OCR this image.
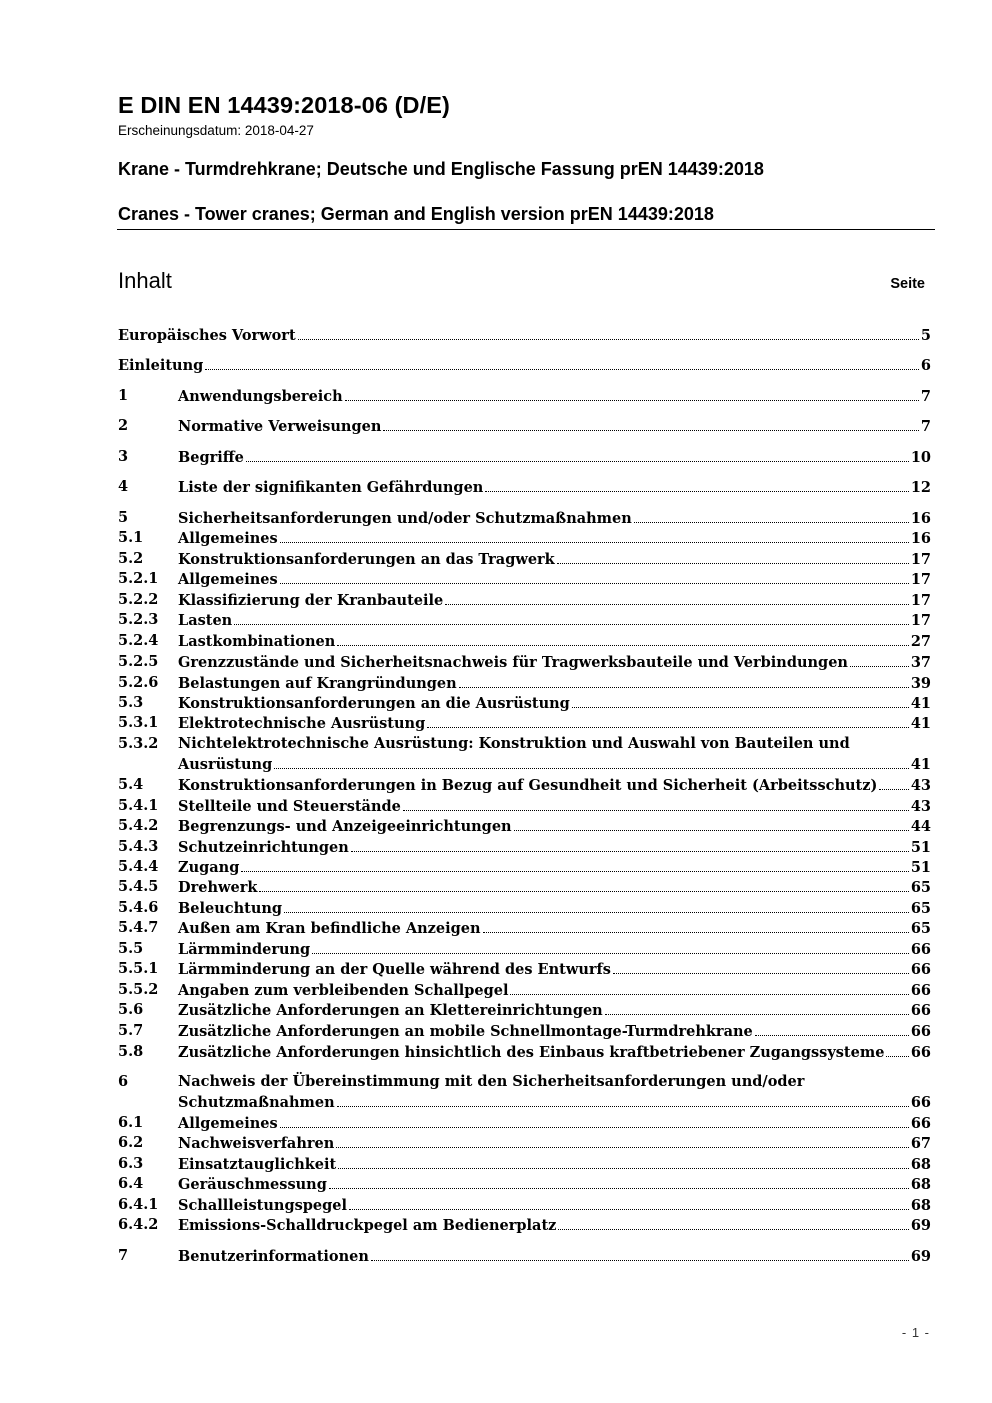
E DIN EN 14439:2018-06 (D/E)
Erscheinungsdatum: 2018-04-27
Krane - Turmdrehkrane; Deutsche und Englische Fassung prEN 14439:2018
Cranes - Tower cranes; German and English version prEN 14439:2018
Inhalt	Seite
Europäisches Vorwort	5
Einleitung	6
1	Anwendungsbereich	7
2	Normative Verweisungen	7
3	Begriffe	10
4	Liste der signifikanten Gefährdungen	12
5	Sicherheitsanforderungen und/oder Schutzmaßnahmen	16
5.1 Allgemeines	16
5.2 Konstruktionsanforderungen an das Tragwerk	17
5.2.1 Allgemeines	17
5.2.2 Klassifizierung der Kranbauteile	17
5.2.3 Lasten	17
5.2.4 Lastkombinationen	27
5.2.5 Grenzzustände und Sicherheitsnachweis für Tragwerksbauteile und Verbindungen	37
5.2.6 Belastungen auf Krangründungen	39
5.3 Konstruktionsanforderungen an die Ausrüstung	41
5.3.1 Elektrotechnische Ausrüstung	41
5.3.2 Nichtelektrotechnische Ausrüstung: Konstruktion und Auswahl von Bauteilen und
Ausrüstung	41
5.4 Konstruktionsanforderungen in Bezug auf Gesundheit und Sicherheit (Arbeitsschutz) 43
5.4.1 Stellteile und Steuerstände	43
5.4.2 Begrenzungs- und Anzeigeeinrichtungen	44
5.4.3 Schutzeinrichtungen	51
5.4.4 Zugang	51
5.4.5 Drehwerk	65
5.4.6 Beleuchtung	65
5.4.7 Außen am Kran befindliche Anzeigen	65
5.5 Lärmminderung	66
5.5.1 Lärmminderung an der Quelle während des Entwurfs	66
5.5.2 Angaben zum verbleibenden Schallpegel	66
5.6 Zusätzliche Anforderungen an Klettereinrichtungen	66
5.7 Zusätzliche Anforderungen an mobile Schnellmontage-Turmdrehkrane	66
5.8 Zusätzliche Anforderungen hinsichtlich des Einbaus kraftbetriebener Zugangssysteme 66
6	Nachweis der Übereinstimmung mit den Sicherheitsanforderungen und/oder
Schutzmaßnahmen	66
6.1 Allgemeines	66
6.2 Nachweisverfahren	67
6.3 Einsatztauglichkeit	68
6.4 Geräuschmessung	68
6.4.1 Schallleistungspegel	68
6.4.2 Emissions-Schalldruckpegel am Bedienerplatz	69
7	Benutzerinformationen	69
- 1 -
